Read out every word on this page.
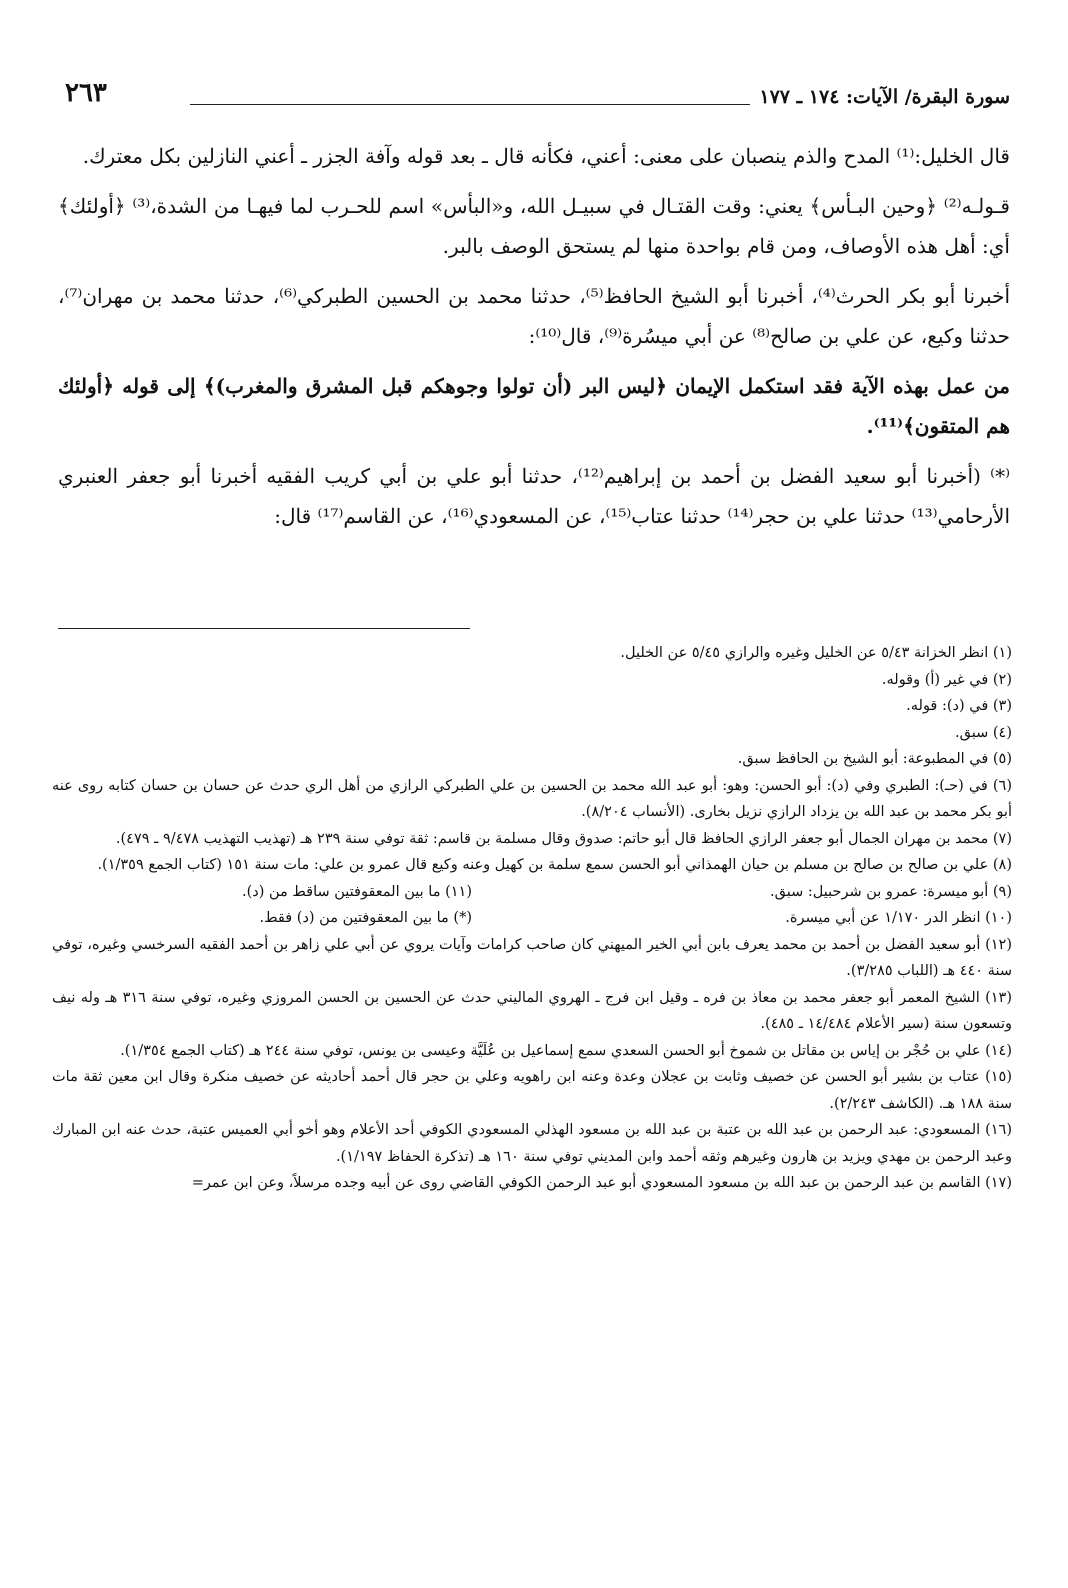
سورة البقرة/ الآيات: ١٧٤ ـ ١٧٧
٢٦٣

قال الخليل:⁽¹⁾ المدح والذم ينصبان على معنى: أعني، فكأنه قال ـ بعد قوله وآفة الجزر ـ أعني النازلين بكل معترك.

قـولـه⁽²⁾ ﴿وحين البـأس﴾ يعني: وقت القتـال في سبيـل الله، و«البأس» اسم للحـرب لما فيهـا من الشدة،⁽³⁾ ﴿أولئك﴾ أي: أهل هذه الأوصاف، ومن قام بواحدة منها لم يستحق الوصف بالبر.

أخبرنا أبو بكر الحرث⁽⁴⁾، أخبرنا أبو الشيخ الحافظ⁽⁵⁾، حدثنا محمد بن الحسين الطبركي⁽⁶⁾، حدثنا محمد بن مهران⁽⁷⁾، حدثنا وكيع، عن علي بن صالح⁽⁸⁾ عن أبي ميسُرة⁽⁹⁾، قال⁽¹⁰⁾:

من عمل بهذه الآية فقد استكمل الإيمان ﴿ليس البر (أن تولوا وجوهكم قبل المشرق والمغرب)﴾ إلى قوله ﴿أولئك هم المتقون﴾⁽¹¹⁾.

⁽*⁾ (أخبرنا أبو سعيد الفضل بن أحمد بن إبراهيم⁽¹²⁾، حدثنا أبو علي بن أبي كريب الفقيه أخبرنا أبو جعفر العنبري الأرحامي⁽¹³⁾ حدثنا علي بن حجر⁽¹⁴⁾ حدثنا عتاب⁽¹⁵⁾، عن المسعودي⁽¹⁶⁾، عن القاسم⁽¹⁷⁾ قال:

(١) انظر الخزانة ٥/٤٣ عن الخليل وغيره والرازي ٥/٤٥ عن الخليل.

(٢) في غير (أ) وقوله.

(٣) في (د): قوله.

(٤) سبق.

(٥) في المطبوعة: أبو الشيخ بن الحافظ سبق.

(٦) في (حـ): الطبري وفي (د): أبو الحسن: وهو: أبو عبد الله محمد بن الحسين بن علي الطبركي الرازي من أهل الري حدث عن حسان بن حسان كتابه روى عنه أبو بكر محمد بن عبد الله بن يزداد الرازي نزيل بخارى. (الأنساب ٨/٢٠٤).

(٧) محمد بن مهران الجمال أبو جعفر الرازي الحافظ قال أبو حاتم: صدوق وقال مسلمة بن قاسم: ثقة توفي سنة ٢٣٩ هـ (تهذيب التهذيب ٩/٤٧٨ ـ ٤٧٩).

(٨) علي بن صالح بن صالح بن مسلم بن حيان الهمذاني أبو الحسن سمع سلمة بن كهيل وعنه وكيع قال عمرو بن علي: مات سنة ١٥١ (كتاب الجمع ١/٣٥٩).

(٩) أبو ميسرة: عمرو بن شرحبيل: سبق.
(١١) ما بين المعقوفتين ساقط من (د).
(١٠) انظر الدر ١/١٧٠ عن أبي ميسرة.
(*) ما بين المعقوفتين من (د) فقط.

(١٢) أبو سعيد الفضل بن أحمد بن محمد يعرف بابن أبي الخير الميهني كان صاحب كرامات وآيات يروي عن أبي علي زاهر بن أحمد الفقيه السرخسي وغيره، توفي سنة ٤٤٠ هـ (اللباب ٣/٢٨٥).

(١٣) الشيخ المعمر أبو جعفر محمد بن معاذ بن فره ـ وقيل ابن فرج ـ الهروي الماليني حدث عن الحسين بن الحسن المروزي وغيره، توفي سنة ٣١٦ هـ وله نيف وتسعون سنة (سير الأعلام ١٤/٤٨٤ ـ ٤٨٥).

(١٤) علي بن حُجْر بن إياس بن مقاتل بن شموخ أبو الحسن السعدي سمع إسماعيل بن عُلَيَّة وعيسى بن يونس، توفي سنة ٢٤٤ هـ (كتاب الجمع ١/٣٥٤).

(١٥) عتاب بن بشير أبو الحسن عن خصيف وثابت بن عجلان وعدة وعنه ابن راهويه وعلي بن حجر قال أحمد أحاديثه عن خصيف منكرة وقال ابن معين ثقة مات سنة ١٨٨ هـ. (الكاشف ٢/٢٤٣).

(١٦) المسعودي: عبد الرحمن بن عبد الله بن عتبة بن عبد الله بن مسعود الهذلي المسعودي الكوفي أحد الأعلام وهو أخو أبي العميس عتبة، حدث عنه ابن المبارك وعبد الرحمن بن مهدي ويزيد بن هارون وغيرهم وثقه أحمد وابن المديني توفي سنة ١٦٠ هـ (تذكرة الحفاظ ١/١٩٧).

(١٧) القاسم بن عبد الرحمن بن عبد الله بن مسعود المسعودي أبو عبد الرحمن الكوفي القاضي روى عن أبيه وجده مرسلاً، وعن ابن عمر=
